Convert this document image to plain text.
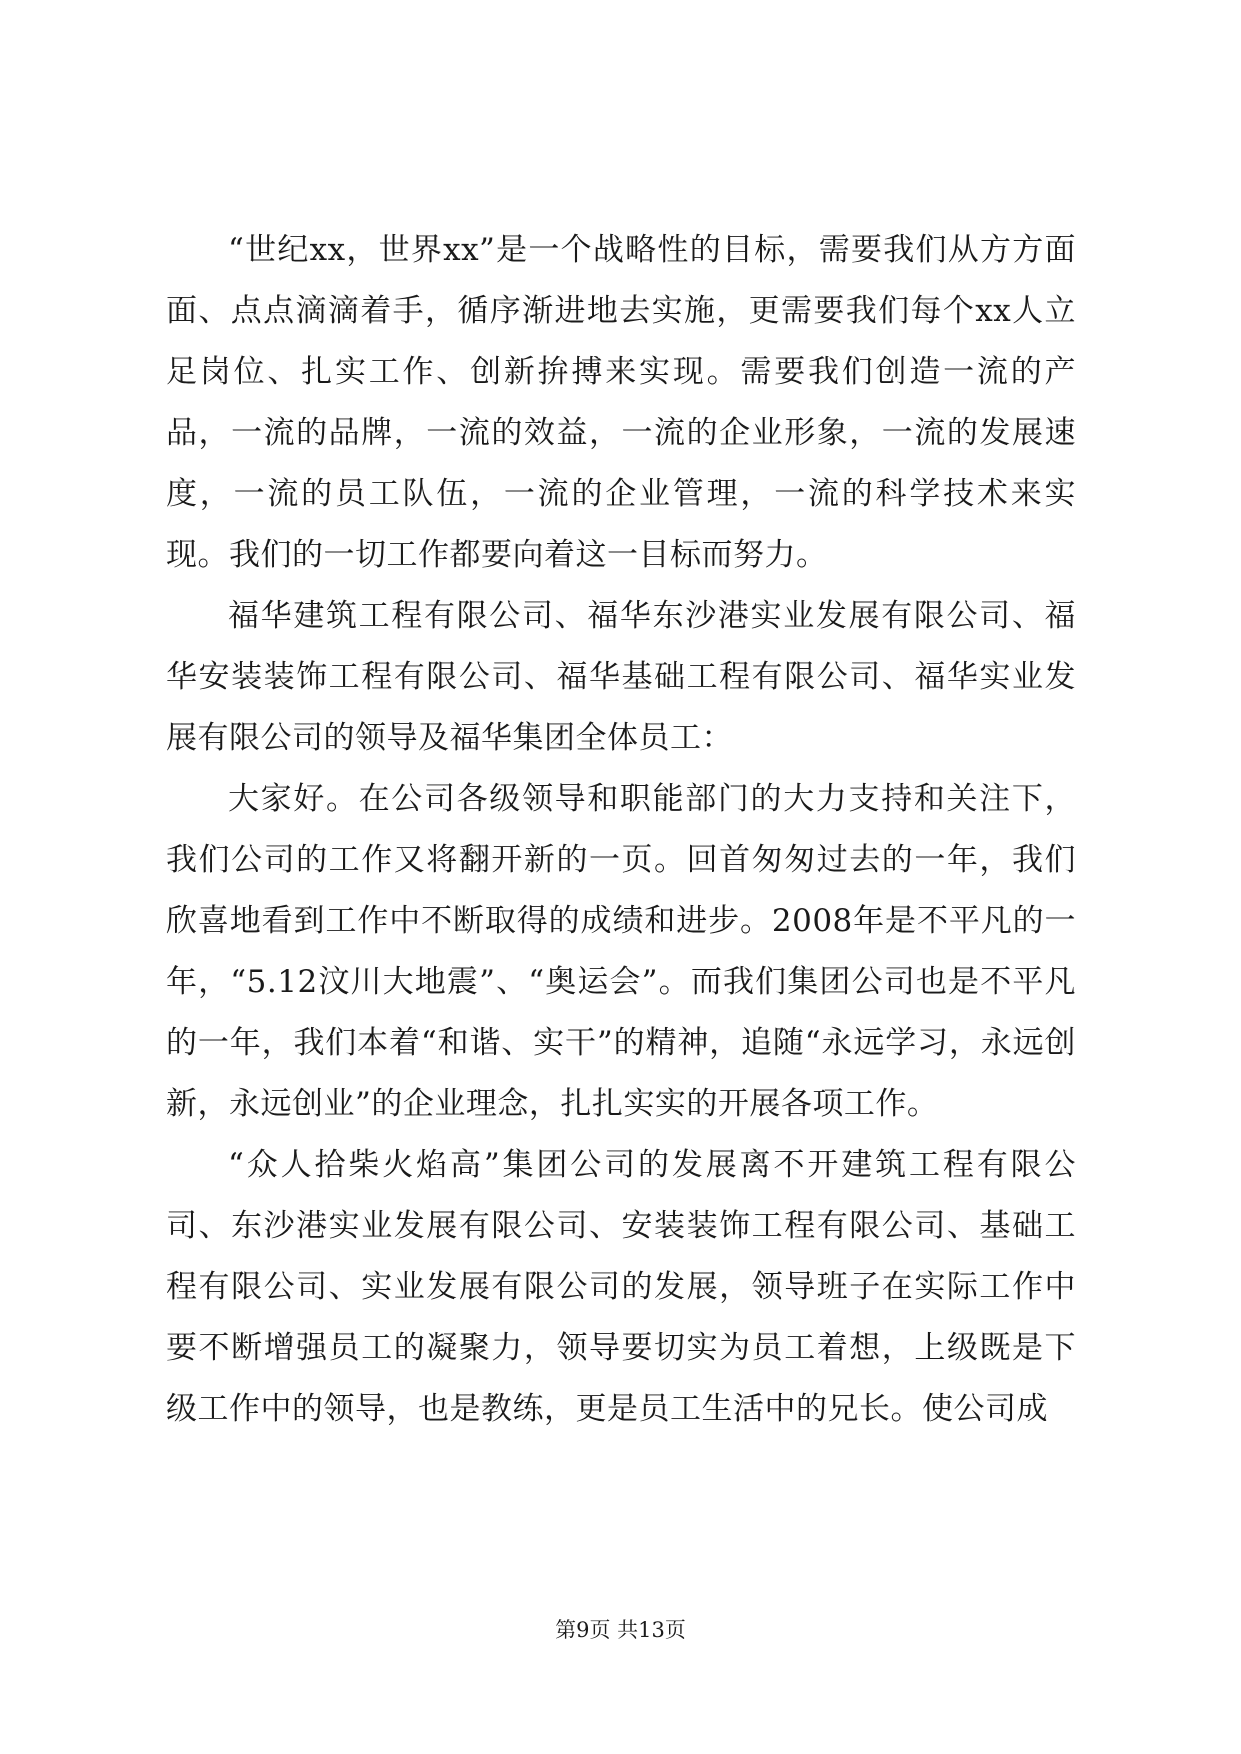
“世纪xx，世界xx”是一个战略性的目标，需要我们从方方面面、点点滴滴着手，循序渐进地去实施，更需要我们每个xx人立足岗位、扎实工作、创新拚搏来实现。需要我们创造一流的产品，一流的品牌，一流的效益，一流的企业形象，一流的发展速度，一流的员工队伍，一流的企业管理，一流的科学技术来实现。我们的一切工作都要向着这一目标而努力。

福华建筑工程有限公司、福华东沙港实业发展有限公司、福华安装装饰工程有限公司、福华基础工程有限公司、福华实业发展有限公司的领导及福华集团全体员工：

大家好。在公司各级领导和职能部门的大力支持和关注下，我们公司的工作又将翻开新的一页。回首匆匆过去的一年，我们欣喜地看到工作中不断取得的成绩和进步。2008年是不平凡的一年，“5.12汶川大地震”、“奥运会”。而我们集团公司也是不平凡的一年，我们本着“和谐、实干”的精神，追随“永远学习，永远创新，永远创业”的企业理念，扎扎实实的开展各项工作。

“众人拾柴火焰高”集团公司的发展离不开建筑工程有限公司、东沙港实业发展有限公司、安装装饰工程有限公司、基础工程有限公司、实业发展有限公司的发展，领导班子在实际工作中要不断增强员工的凝聚力，领导要切实为员工着想，上级既是下级工作中的领导，也是教练，更是员工生活中的兄长。使公司成

第9页 共13页
